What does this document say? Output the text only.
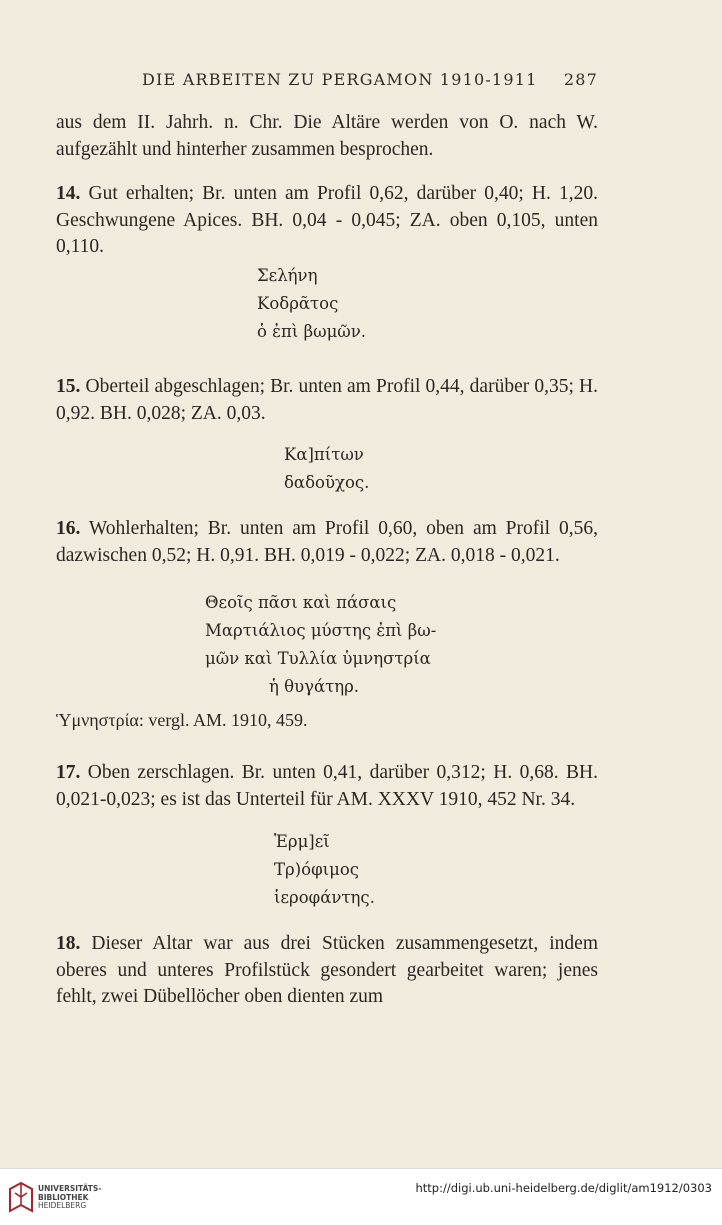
DIE ARBEITEN ZU PERGAMON 1910-1911 287

aus dem II. Jahrh. n. Chr. Die Altäre werden von O. nach W. aufgezählt und hinterher zusammen besprochen.

14. Gut erhalten; Br. unten am Profil 0,62, darüber 0,40; H. 1,20. Geschwungene Apices. BH. 0,04 - 0,045; ZA. oben 0,105, unten 0,110.

Σελήνη
Κοδρᾶτος
ὁ ἐπὶ βωμῶν.

15. Oberteil abgeschlagen; Br. unten am Profil 0,44, darüber 0,35; H. 0,92. BH. 0,028; ZA. 0,03.

Κα]πίτων
δαδοῦχος.

16. Wohlerhalten; Br. unten am Profil 0,60, oben am Profil 0,56, dazwischen 0,52; H. 0,91. BH. 0,019 - 0,022; ZA. 0,018 - 0,021.

Θεοῖς πᾶσι καὶ πάσαις
Μαρτιάλιος μύστης ἐπὶ βω-
μῶν καὶ Τυλλία ὑμνηστρία
ἡ θυγάτηρ.

Ὑμνηστρία: vergl. AM. 1910, 459.

17. Oben zerschlagen. Br. unten 0,41, darüber 0,312; H. 0,68. BH. 0,021-0,023; es ist das Unterteil für AM. XXXV 1910, 452 Nr. 34.

Ἑρμ]εῖ
Τρ)όφιμος
ἱεροφάντης.

18. Dieser Altar war aus drei Stücken zusammengesetzt, indem oberes und unteres Profilstück gesondert gearbeitet waren; jenes fehlt, zwei Dübellöcher oben dienten zum

UNIVERSITÄTS-
BIBLIOTHEK
HEIDELBERG
http://digi.ub.uni-heidelberg.de/diglit/am1912/0303
